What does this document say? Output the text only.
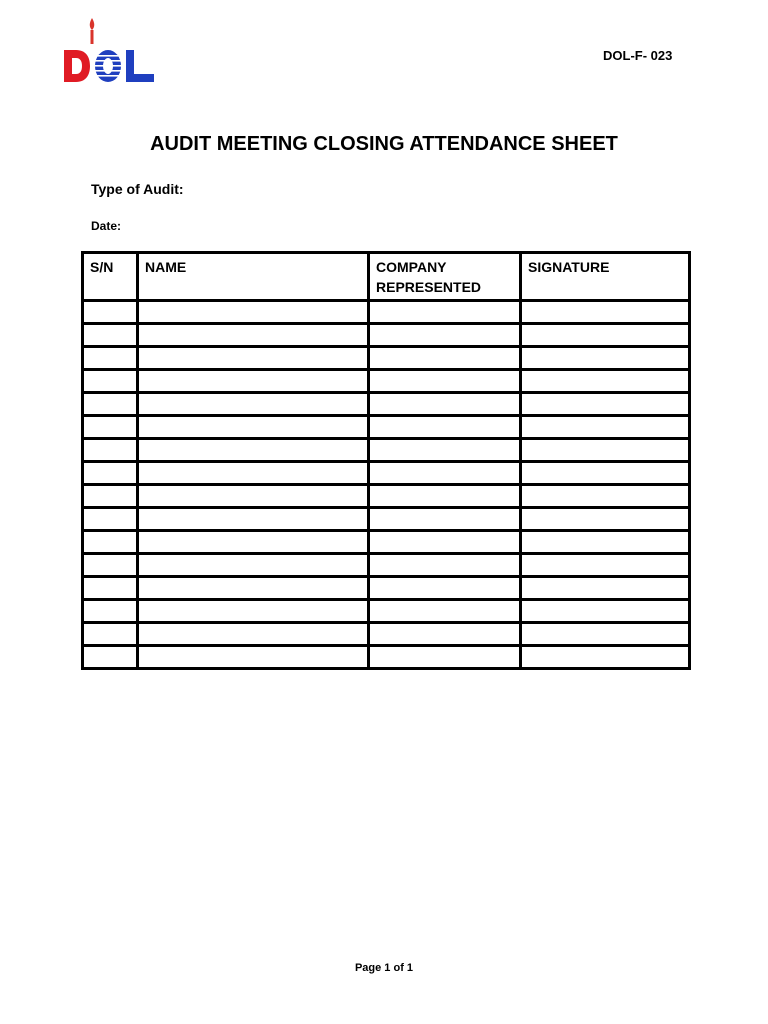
DOL-F- 023
AUDIT MEETING CLOSING ATTENDANCE SHEET
Type of Audit:
Date:
S/N	NAME	COMPANY REPRESENTED	SIGNATURE

Page 1 of 1
